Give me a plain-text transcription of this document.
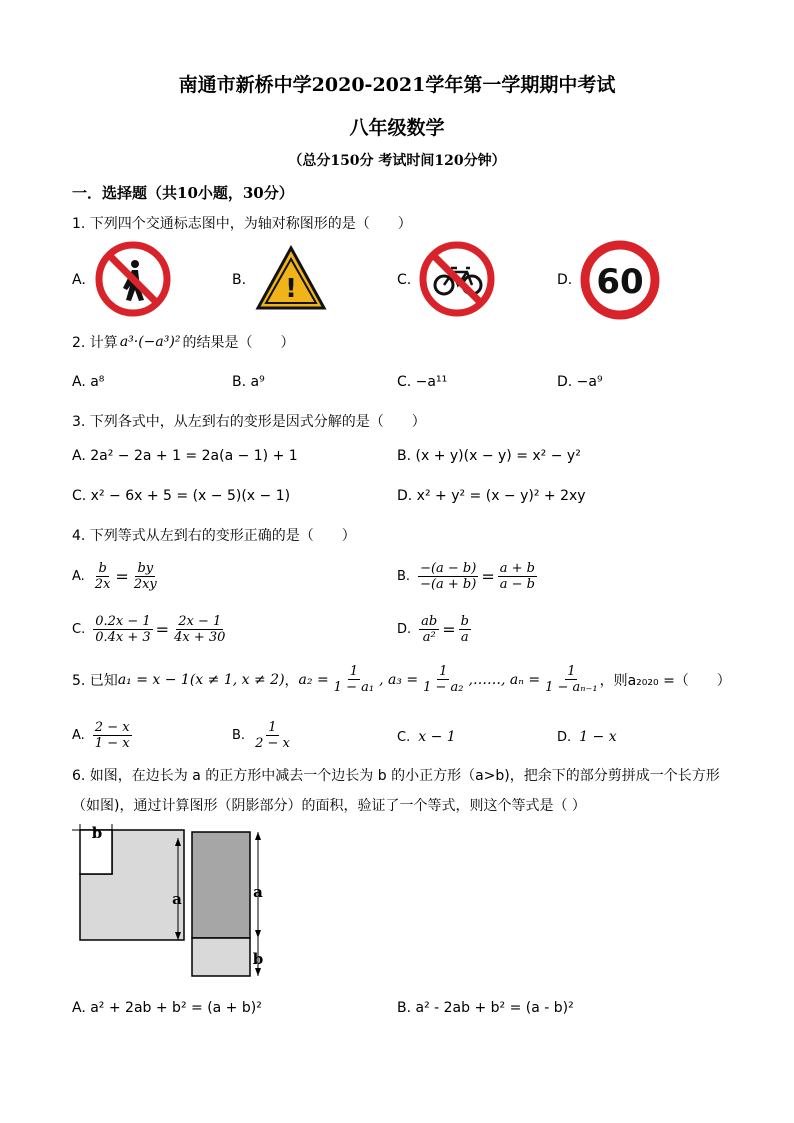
南通市新桥中学2020-2021学年第一学期期中考试
八年级数学
（总分150分 考试时间120分钟）
一．选择题（共10小题，30分）
1. 下列四个交通标志图中，为轴对称图形的是（　　）
A.	B. !	C.	D. 60
2. 计算 a³·(−a³)² 的结果是（　　）
A. a⁸	B. a⁹	C. −a¹¹	D. −a⁹
3. 下列各式中，从左到右的变形是因式分解的是（　　）
A. 2a² − 2a + 1 = 2a(a − 1) + 1	B. (x + y)(x − y) = x² − y²
C. x² − 6x + 5 = (x − 5)(x − 1)	D. x² + y² = (x − y)² + 2xy
4. 下列等式从左到右的变形正确的是（　　）
A. $\frac{b}{2x} = \frac{by}{2xy}$	B. $\frac{-(a - b)}{-(a + b)} = \frac{a + b}{a - b}$
C. $\frac{0.2x - 1}{0.4x + 3} = \frac{2x - 1}{4x + 30}$	D. $\frac{ab}{\text{a²}} = \frac{b}{a}$
5. 已知 a₁ = x − 1(x ≠ 1, x ≠ 2) ， $a_2 = \frac{1}{\text{1 − a₁}}$ , $a_3 = \frac{1}{\text{1 − a₂}}$ ,……, $a_n = \frac{1}{\text{1 − aₙ₋₁}}$ ，则a₂₀₂₀ =（　　）
A. $\frac{2 - x}{1 - x}$	B. $\frac{1}{2 - x}$	C. x − 1	D. 1 − x
6. 如图，在边长为 a 的正方形中减去一个边长为 b 的小正方形（a>b)，把余下的部分剪拼成一个长方形
（如图)，通过计算图形（阴影部分）的面积，验证了一个等式，则这个等式是（ ）
b
a	a
b
A. a² + 2ab + b² = (a + b)²	B. a² - 2ab + b² = (a - b)²
